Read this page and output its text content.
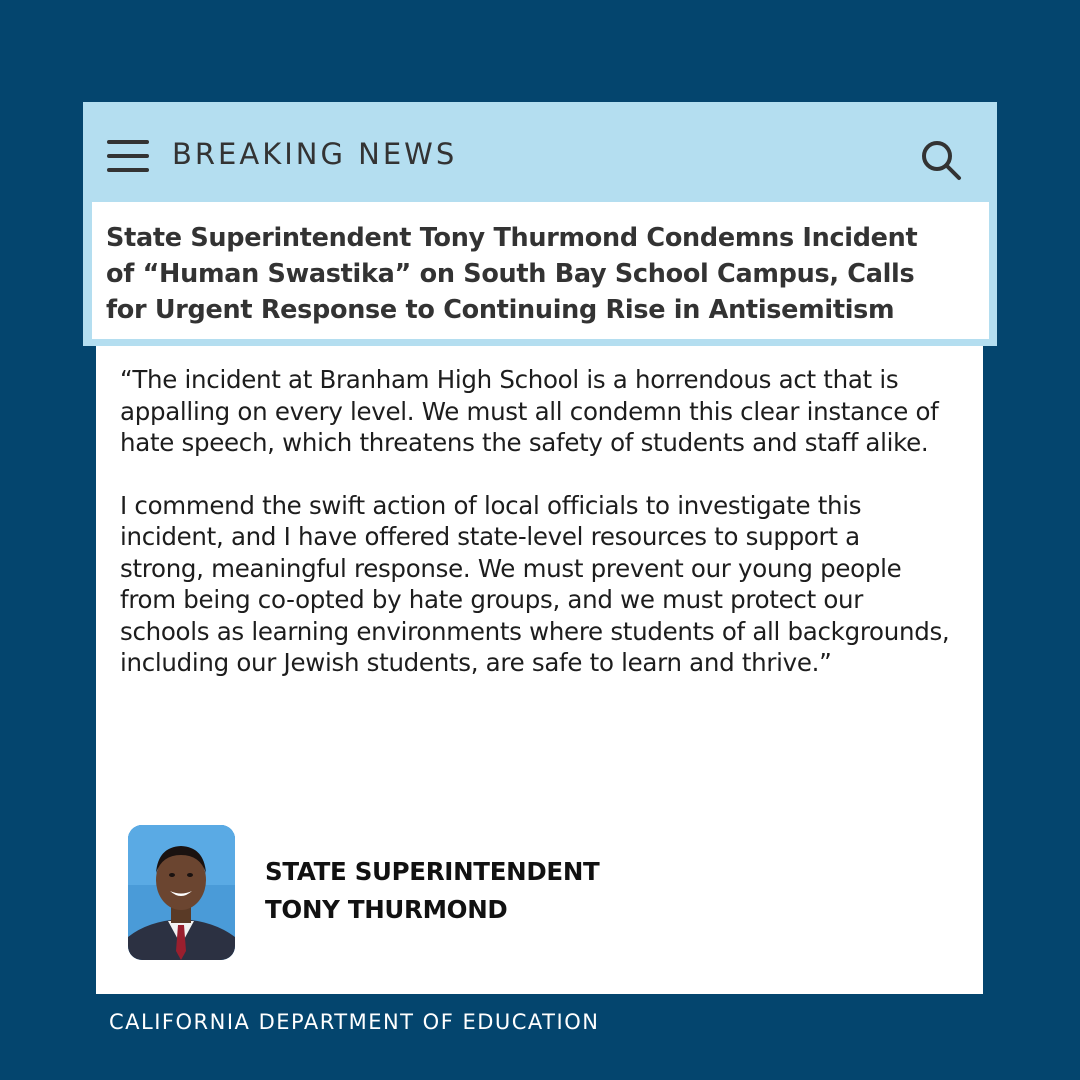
BREAKING NEWS
State Superintendent Tony Thurmond Condemns Incident
of “Human Swastika” on South Bay School Campus, Calls
for Urgent Response to Continuing Rise in Antisemitism

“The incident at Branham High School is a horrendous act that is appalling on every level. We must all condemn this clear instance of hate speech, which threatens the safety of students and staff alike.

I commend the swift action of local officials to investigate this incident, and I have offered state-level resources to support a strong, meaningful response. We must prevent our young people from being co-opted by hate groups, and we must protect our schools as learning environments where students of all backgrounds, including our Jewish students, are safe to learn and thrive.”

STATE SUPERINTENDENT
TONY THURMOND
CALIFORNIA DEPARTMENT OF EDUCATION
